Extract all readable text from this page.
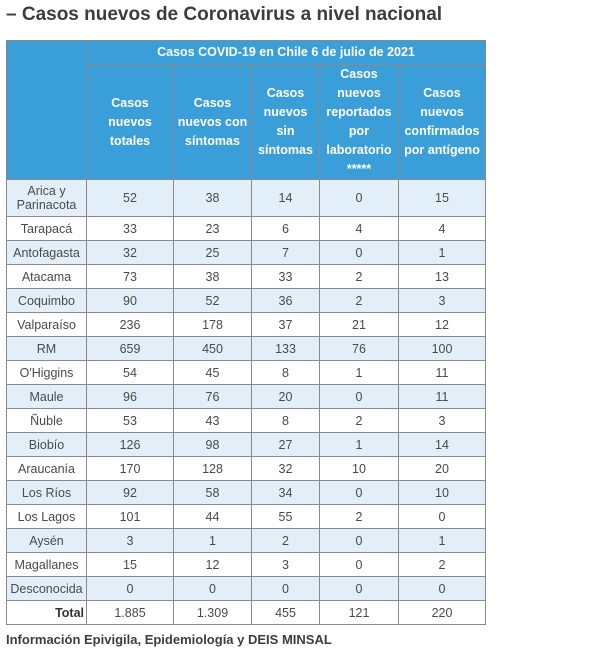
– Casos nuevos de Coronavirus a nivel nacional
	Casos COVID-19 en Chile 6 de julio de 2021				
	Casos nuevos totales	Casos nuevos con síntomas	Casos nuevos sin síntomas	Casos nuevos reportados por laboratorio *****	Casos nuevos confirmados por antígeno
Arica y Parinacota	52	38	14	0	15
Tarapacá	33	23	6	4	4
Antofagasta	32	25	7	0	1
Atacama	73	38	33	2	13
Coquimbo	90	52	36	2	3
Valparaíso	236	178	37	21	12
RM	659	450	133	76	100
O'Higgins	54	45	8	1	11
Maule	96	76	20	0	11
Ñuble	53	43	8	2	3
Biobío	126	98	27	1	14
Araucanía	170	128	32	10	20
Los Ríos	92	58	34	0	10
Los Lagos	101	44	55	2	0
Aysén	3	1	2	0	1
Magallanes	15	12	3	0	2
Desconocida	0	0	0	0	0
Total	1.885	1.309	455	121	220
Información Epivigila, Epidemiología y DEIS MINSAL
